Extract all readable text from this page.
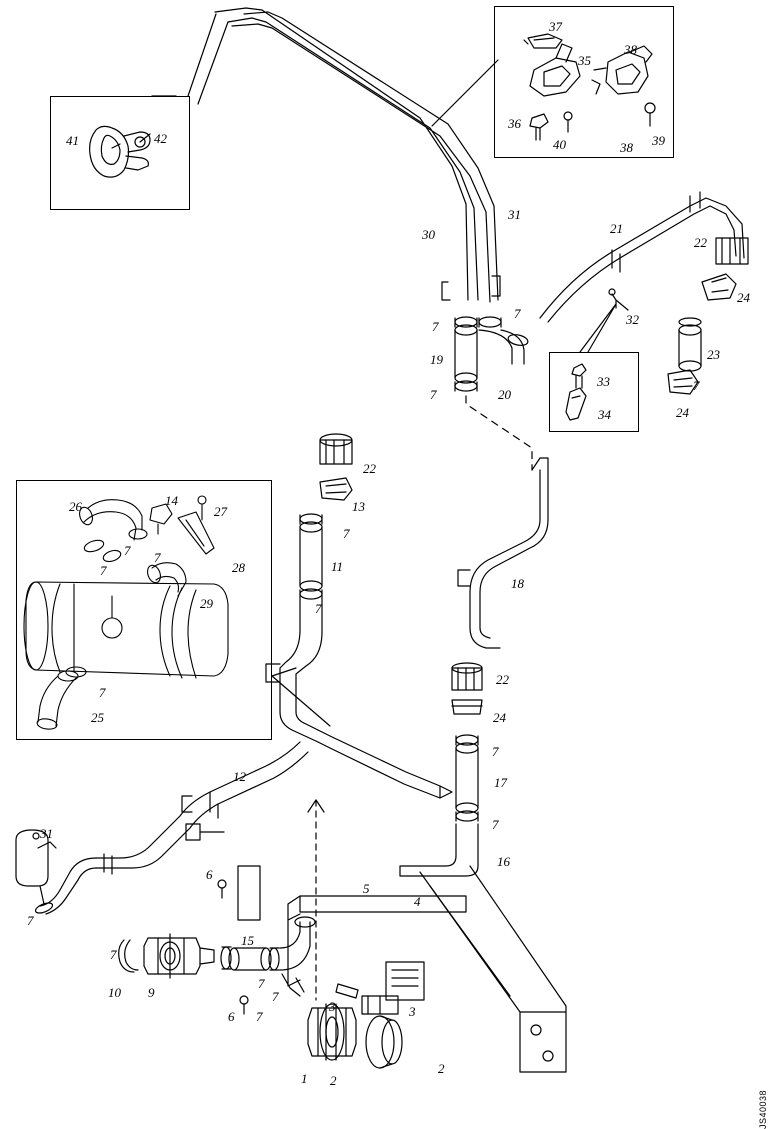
41	42
37
35
38
36
40	38 39
31
30	21
22
24
7
7	32
19	23
7	20
33	7
34	24
22
13
26	14
27
7
7 7
28	11
7
29	7
18
7
25
22
24
7
17
12
7
31
16
6
5
4
7
7
15
10 9
7
7
3	3
6 7
1 2
2
JS40038
